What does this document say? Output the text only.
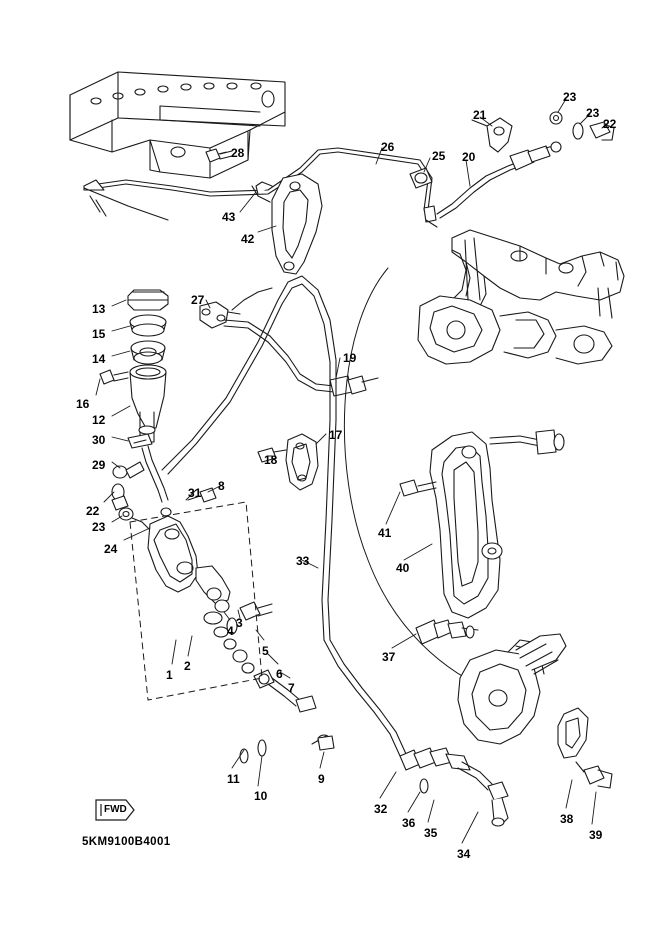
FWD
5KM9100B4001
13
15
14
16
12
30
29
22
23
24
31 8
27
17
18
19
43
42
28	26
25 20
21
23
23
22
33
4
3
5
6
7
1
2
11
10
9
41
40
37
32
36
35
34
38
39
